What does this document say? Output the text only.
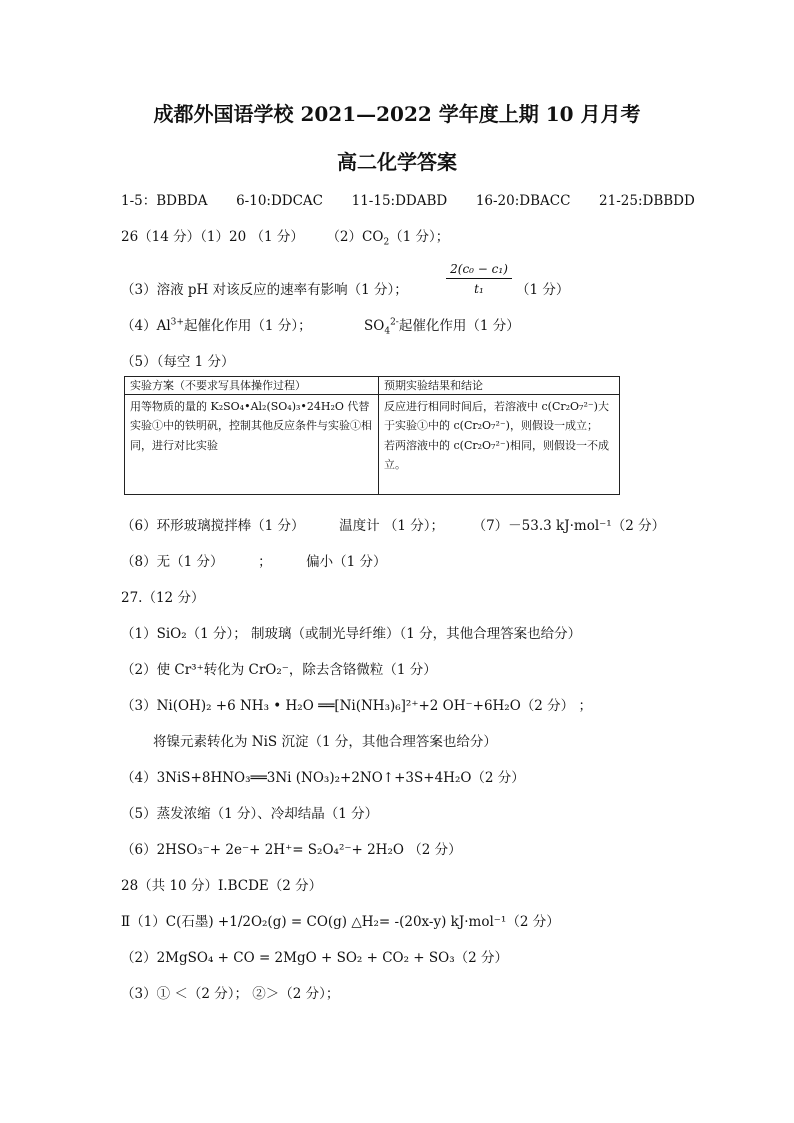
成都外国语学校 2021—2022 学年度上期 10 月月考
高二化学答案
1-5：BDBDA 6-10:DDCAC 11-15:DDABD 16-20:DBACC 21-25:DBBDD
26（14 分）（1）20 （1 分） $(2)CO_2(1$ 分）；
（3）溶液 pH 对该反应的速率有影响（1 分）；	$\frac{\text{2(c₀ − c₁)}}{\text{t₁}} (1$ 分）
$(4)Al^{3+}$起催化作用（1 分）；	$SO_4^{2-}$起催化作用（1 分）
（5）（每空 1 分）
实验方案（不要求写具体操作过程）	预期实验结果和结论
用等物质的量的 K₂SO₄•Al₂(SO₄)₃•24H₂O 代替实验①中的铁明矾，控制其他反应条件与实验①相同，进行对比实验	反应进行相同时间后，若溶液中 c(Cr₂O₇²⁻)大于实验①中的 c(Cr₂O₇²⁻)，则假设一成立；
若两溶液中的 c(Cr₂O₇²⁻)相同，则假设一不成立。
（6）环形玻璃搅拌棒（1 分）	温度计 （1 分）； （7）－53.3 kJ·mol⁻¹（2 分）
（8）无（1 分）	；	偏小（1 分）
27.（12 分）
（1）SiO₂（1 分）； 制玻璃（或制光导纤维）（1 分，其他合理答案也给分）
（2）使 Cr³⁺转化为 CrO₂⁻，除去含铬微粒（1 分）
（3）Ni(OH)₂ +6 NH₃ • H₂O ══[Ni(NH₃)₆]²⁺+2 OH⁻+6H₂O（2 分） ；
将镍元素转化为 NiS 沉淀（1 分，其他合理答案也给分）
（4）3NiS+8HNO₃══3Ni (NO₃)₂+2NO↑+3S+4H₂O（2 分）
（5）蒸发浓缩（1 分）、冷却结晶（1 分）
（6）2HSO₃⁻+ 2e⁻+ 2H⁺= S₂O₄²⁻+ 2H₂O （2 分）
28（共 10 分）Ⅰ.BCDE（2 分）
Ⅱ（1）C(石墨) +1/2O₂(g) = CO(g) △H₂= -(20x-y) kJ·mol⁻¹（2 分）
（2）2MgSO₄ + CO = 2MgO + SO₂ + CO₂ + SO₃（2 分）
（3）① ＜（2 分）； ②＞（2 分）；
